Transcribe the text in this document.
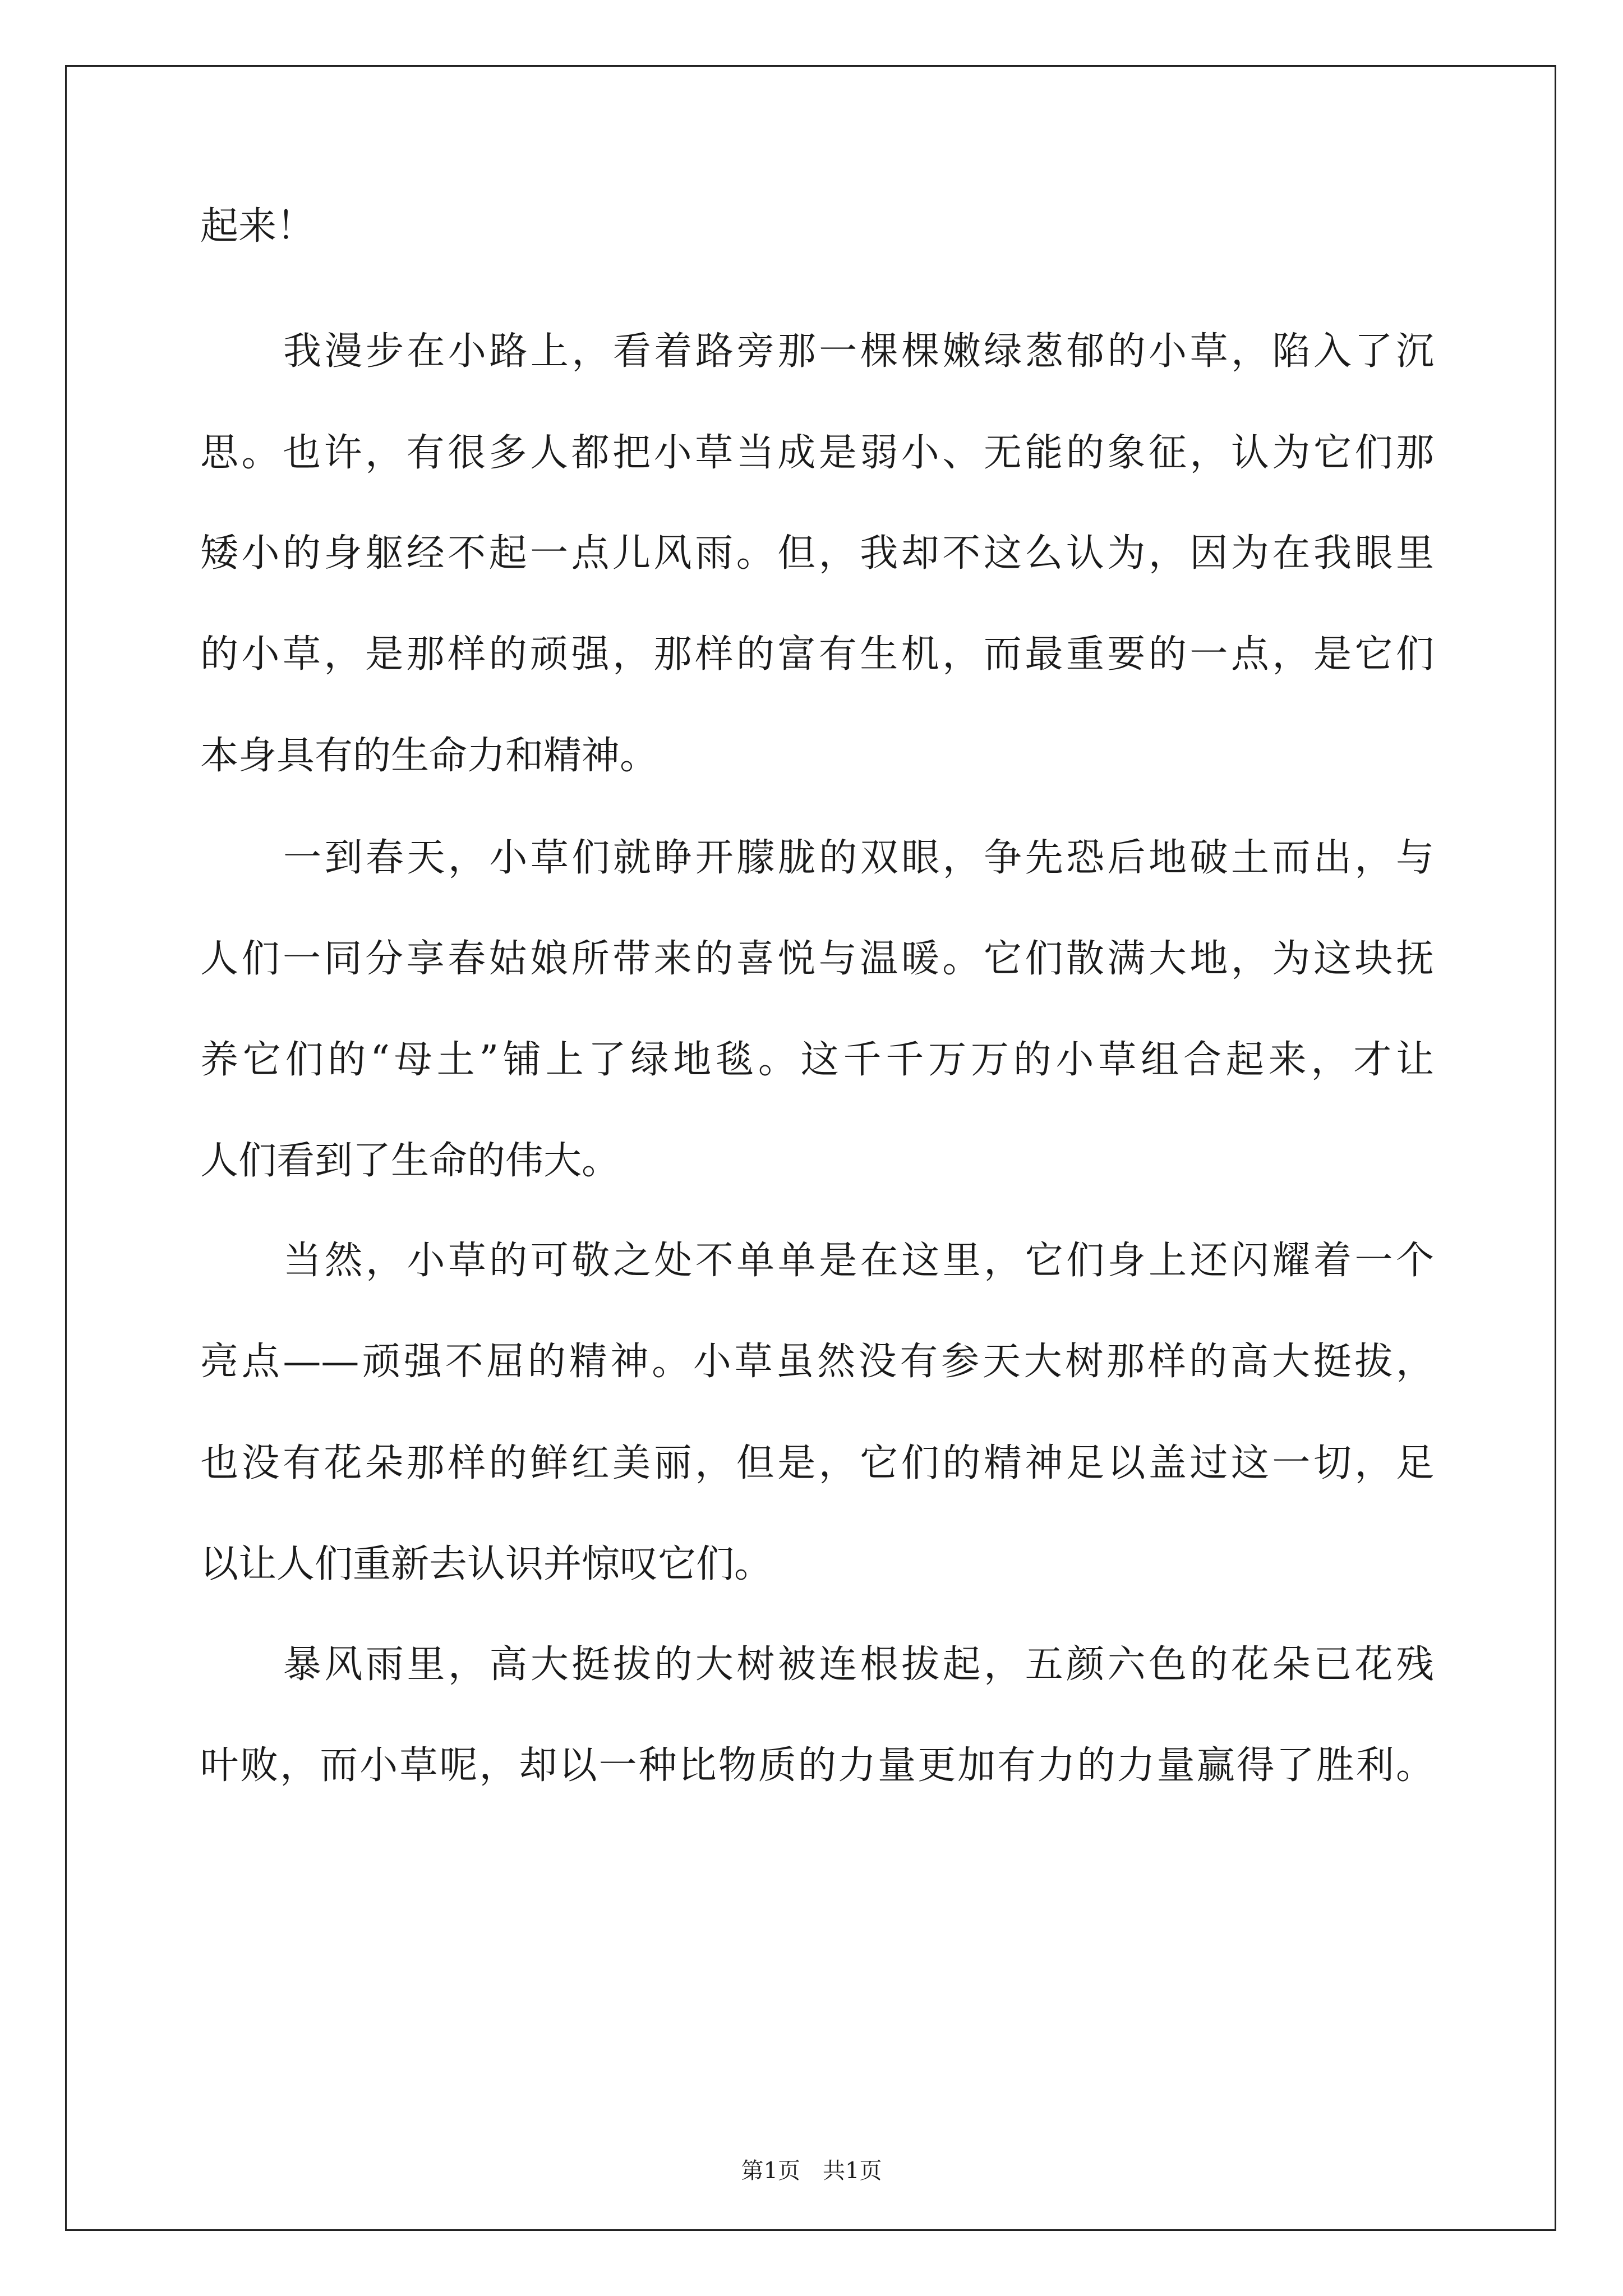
起来！

我漫步在小路上，看着路旁那一棵棵嫩绿葱郁的小草，陷入了沉

思。也许，有很多人都把小草当成是弱小、无能的象征，认为它们那

矮小的身躯经不起一点儿风雨。但，我却不这么认为，因为在我眼里

的小草，是那样的顽强，那样的富有生机，而最重要的一点，是它们

本身具有的生命力和精神。

一到春天，小草们就睁开朦胧的双眼，争先恐后地破土而出，与

人们一同分享春姑娘所带来的喜悦与温暖。它们散满大地，为这块抚

养它们的“母土”铺上了绿地毯。这千千万万的小草组合起来，才让

人们看到了生命的伟大。

当然，小草的可敬之处不单单是在这里，它们身上还闪耀着一个

亮点——顽强不屈的精神。小草虽然没有参天大树那样的高大挺拔，

也没有花朵那样的鲜红美丽，但是，它们的精神足以盖过这一切，足

以让人们重新去认识并惊叹它们。

暴风雨里，高大挺拔的大树被连根拔起，五颜六色的花朵已花残

叶败，而小草呢，却以一种比物质的力量更加有力的力量赢得了胜利。

第1页　共1页
